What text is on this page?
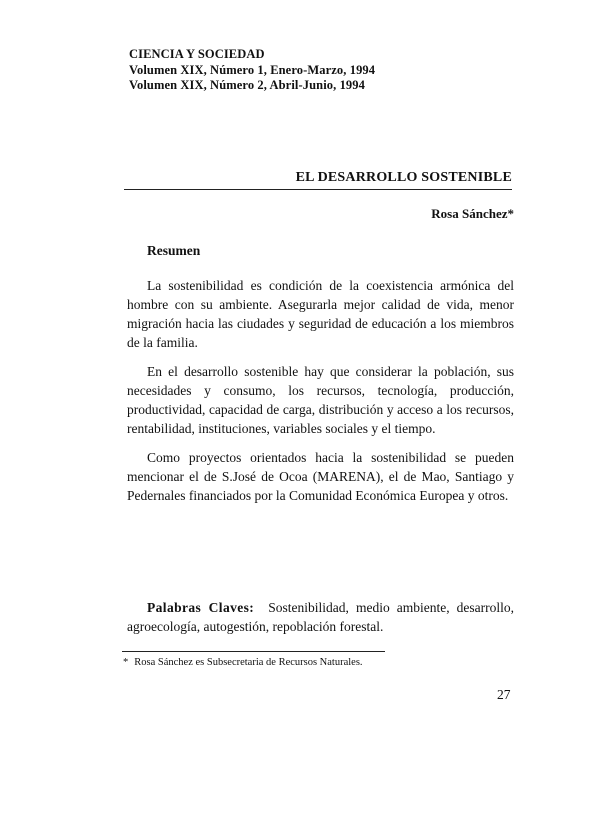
CIENCIA Y SOCIEDAD
Volumen XIX, Número 1, Enero-Marzo, 1994
Volumen XIX, Número 2, Abril-Junio, 1994
EL DESARROLLO SOSTENIBLE
Rosa Sánchez*
Resumen

La sostenibilidad es condición de la coexistencia armónica del hombre con su ambiente. Asegurarla mejor calidad de vida, menor migración hacia las ciudades y seguridad de educación a los miembros de la familia.

En el desarrollo sostenible hay que considerar la población, sus necesidades y consumo, los recursos, tecnología, producción, productividad, capacidad de carga, distribución y acceso a los recursos, rentabilidad, instituciones, variables sociales y el tiempo.

Como proyectos orientados hacia la sostenibilidad se pueden mencionar el de S.José de Ocoa (MARENA), el de Mao, Santiago y Pedernales financiados por la Comunidad Económica Europea y otros.

Palabras Claves: Sostenibilidad, medio ambiente, desarrollo, agroecología, autogestión, repoblación forestal.

* Rosa Sánchez es Subsecretaria de Recursos Naturales.
27
